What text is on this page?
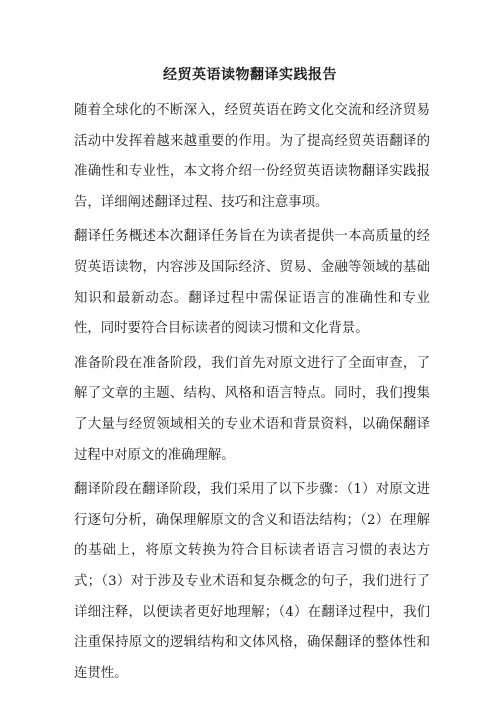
经贸英语读物翻译实践报告

随着全球化的不断深入，经贸英语在跨文化交流和经济贸易活动中发挥着越来越重要的作用。为了提高经贸英语翻译的准确性和专业性，本文将介绍一份经贸英语读物翻译实践报告，详细阐述翻译过程、技巧和注意事项。

翻译任务概述本次翻译任务旨在为读者提供一本高质量的经贸英语读物，内容涉及国际经济、贸易、金融等领域的基础知识和最新动态。翻译过程中需保证语言的准确性和专业性，同时要符合目标读者的阅读习惯和文化背景。

准备阶段在准备阶段，我们首先对原文进行了全面审查，了解了文章的主题、结构、风格和语言特点。同时，我们搜集了大量与经贸领域相关的专业术语和背景资料，以确保翻译过程中对原文的准确理解。

翻译阶段在翻译阶段，我们采用了以下步骤：（1）对原文进行逐句分析，确保理解原文的含义和语法结构；（2）在理解的基础上，将原文转换为符合目标读者语言习惯的表达方式；（3）对于涉及专业术语和复杂概念的句子，我们进行了详细注释，以便读者更好地理解；（4）在翻译过程中，我们注重保持原文的逻辑结构和文体风格，确保翻译的整体性和连贯性。
